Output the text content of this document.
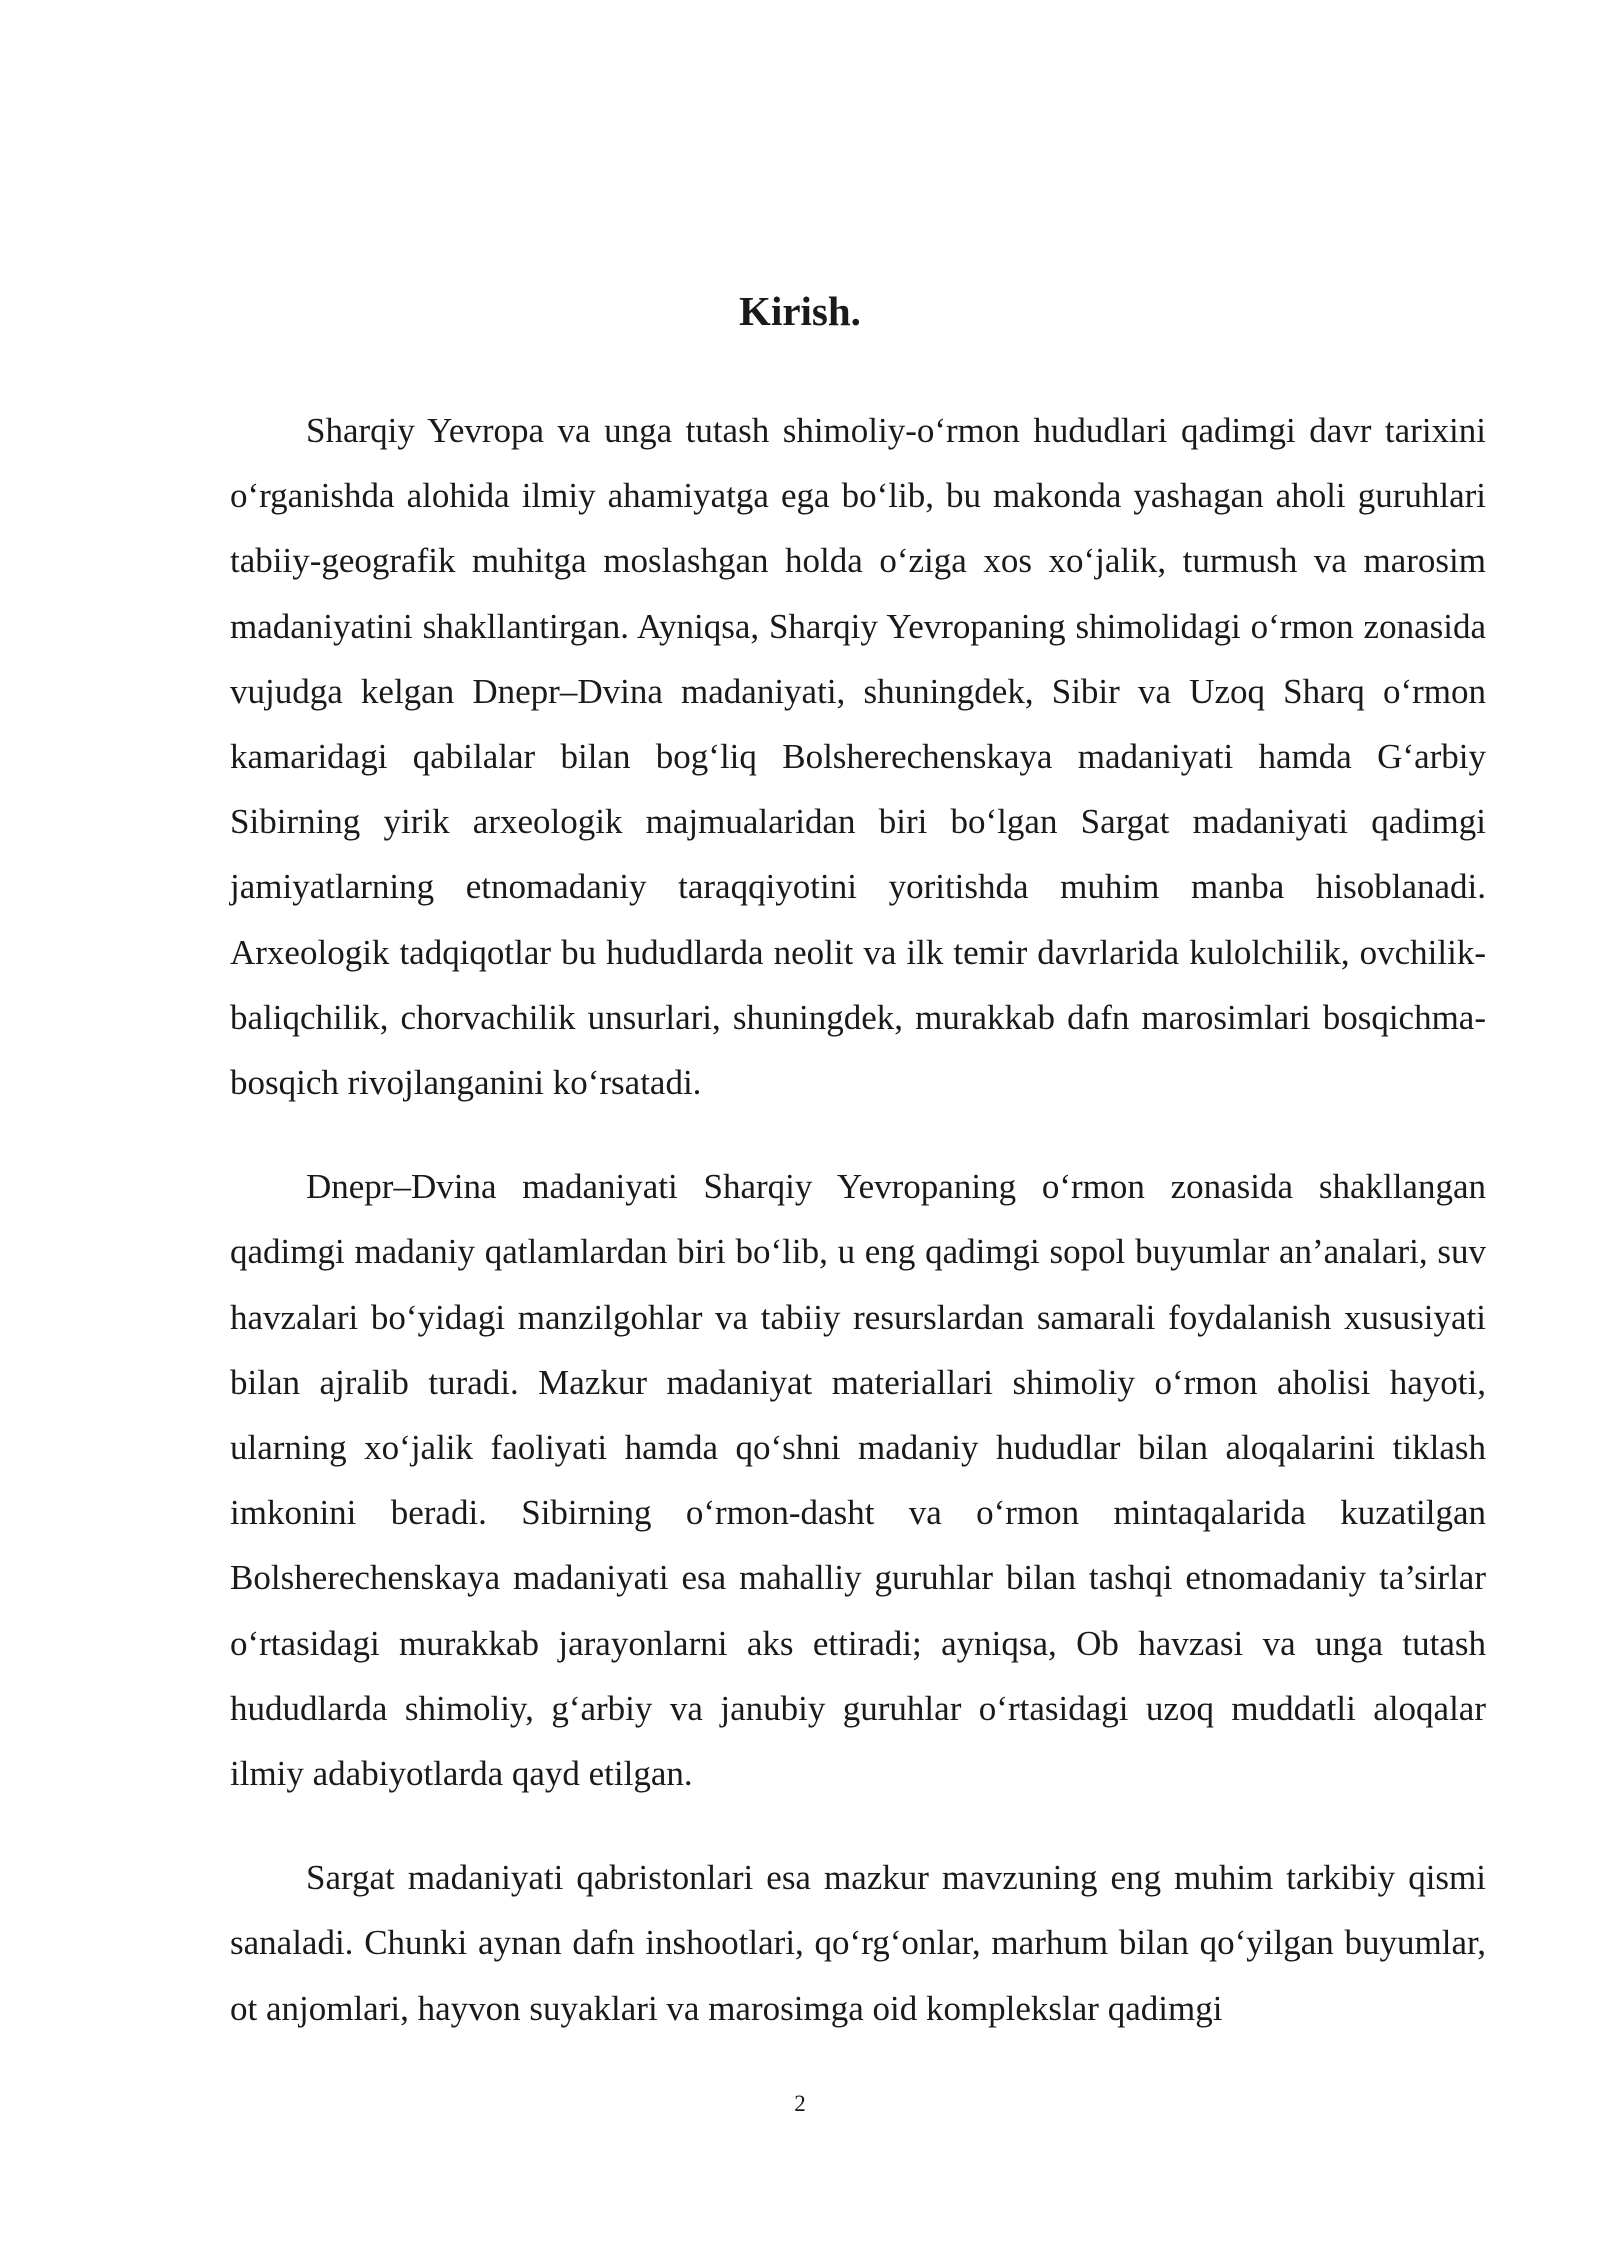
Kirish.

Sharqiy Yevropa va unga tutash shimoliy-oʻrmon hududlari qadimgi davr tarixini oʻrganishda alohida ilmiy ahamiyatga ega boʻlib, bu makonda yashagan aholi guruhlari tabiiy-geografik muhitga moslashgan holda oʻziga xos xoʻjalik, turmush va marosim madaniyatini shakllantirgan. Ayniqsa, Sharqiy Yevropaning shimolidagi oʻrmon zonasida vujudga kelgan Dnepr–Dvina madaniyati, shuningdek, Sibir va Uzoq Sharq oʻrmon kamaridagi qabilalar bilan bogʻliq Bolsherechenskaya madaniyati hamda Gʻarbiy Sibirning yirik arxeologik majmualaridan biri boʻlgan Sargat madaniyati qadimgi jamiyatlarning etnomadaniy taraqqiyotini yoritishda muhim manba hisoblanadi. Arxeologik tadqiqotlar bu hududlarda neolit va ilk temir davrlarida kulolchilik, ovchilik-baliqchilik, chorvachilik unsurlari, shuningdek, murakkab dafn marosimlari bosqichma-bosqich rivojlanganini koʻrsatadi.

Dnepr–Dvina madaniyati Sharqiy Yevropaning oʻrmon zonasida shakllangan qadimgi madaniy qatlamlardan biri boʻlib, u eng qadimgi sopol buyumlar an’analari, suv havzalari boʻyidagi manzilgohlar va tabiiy resurslardan samarali foydalanish xususiyati bilan ajralib turadi. Mazkur madaniyat materiallari shimoliy oʻrmon aholisi hayoti, ularning xoʻjalik faoliyati hamda qoʻshni madaniy hududlar bilan aloqalarini tiklash imkonini beradi. Sibirning oʻrmon-dasht va oʻrmon mintaqalarida kuzatilgan Bolsherechenskaya madaniyati esa mahalliy guruhlar bilan tashqi etnomadaniy ta’sirlar oʻrtasidagi murakkab jarayonlarni aks ettiradi; ayniqsa, Ob havzasi va unga tutash hududlarda shimoliy, gʻarbiy va janubiy guruhlar oʻrtasidagi uzoq muddatli aloqalar ilmiy adabiyotlarda qayd etilgan.

Sargat madaniyati qabristonlari esa mazkur mavzuning eng muhim tarkibiy qismi sanaladi. Chunki aynan dafn inshootlari, qoʻrgʻonlar, marhum bilan qoʻyilgan buyumlar, ot anjomlari, hayvon suyaklari va marosimga oid komplekslar qadimgi

2
